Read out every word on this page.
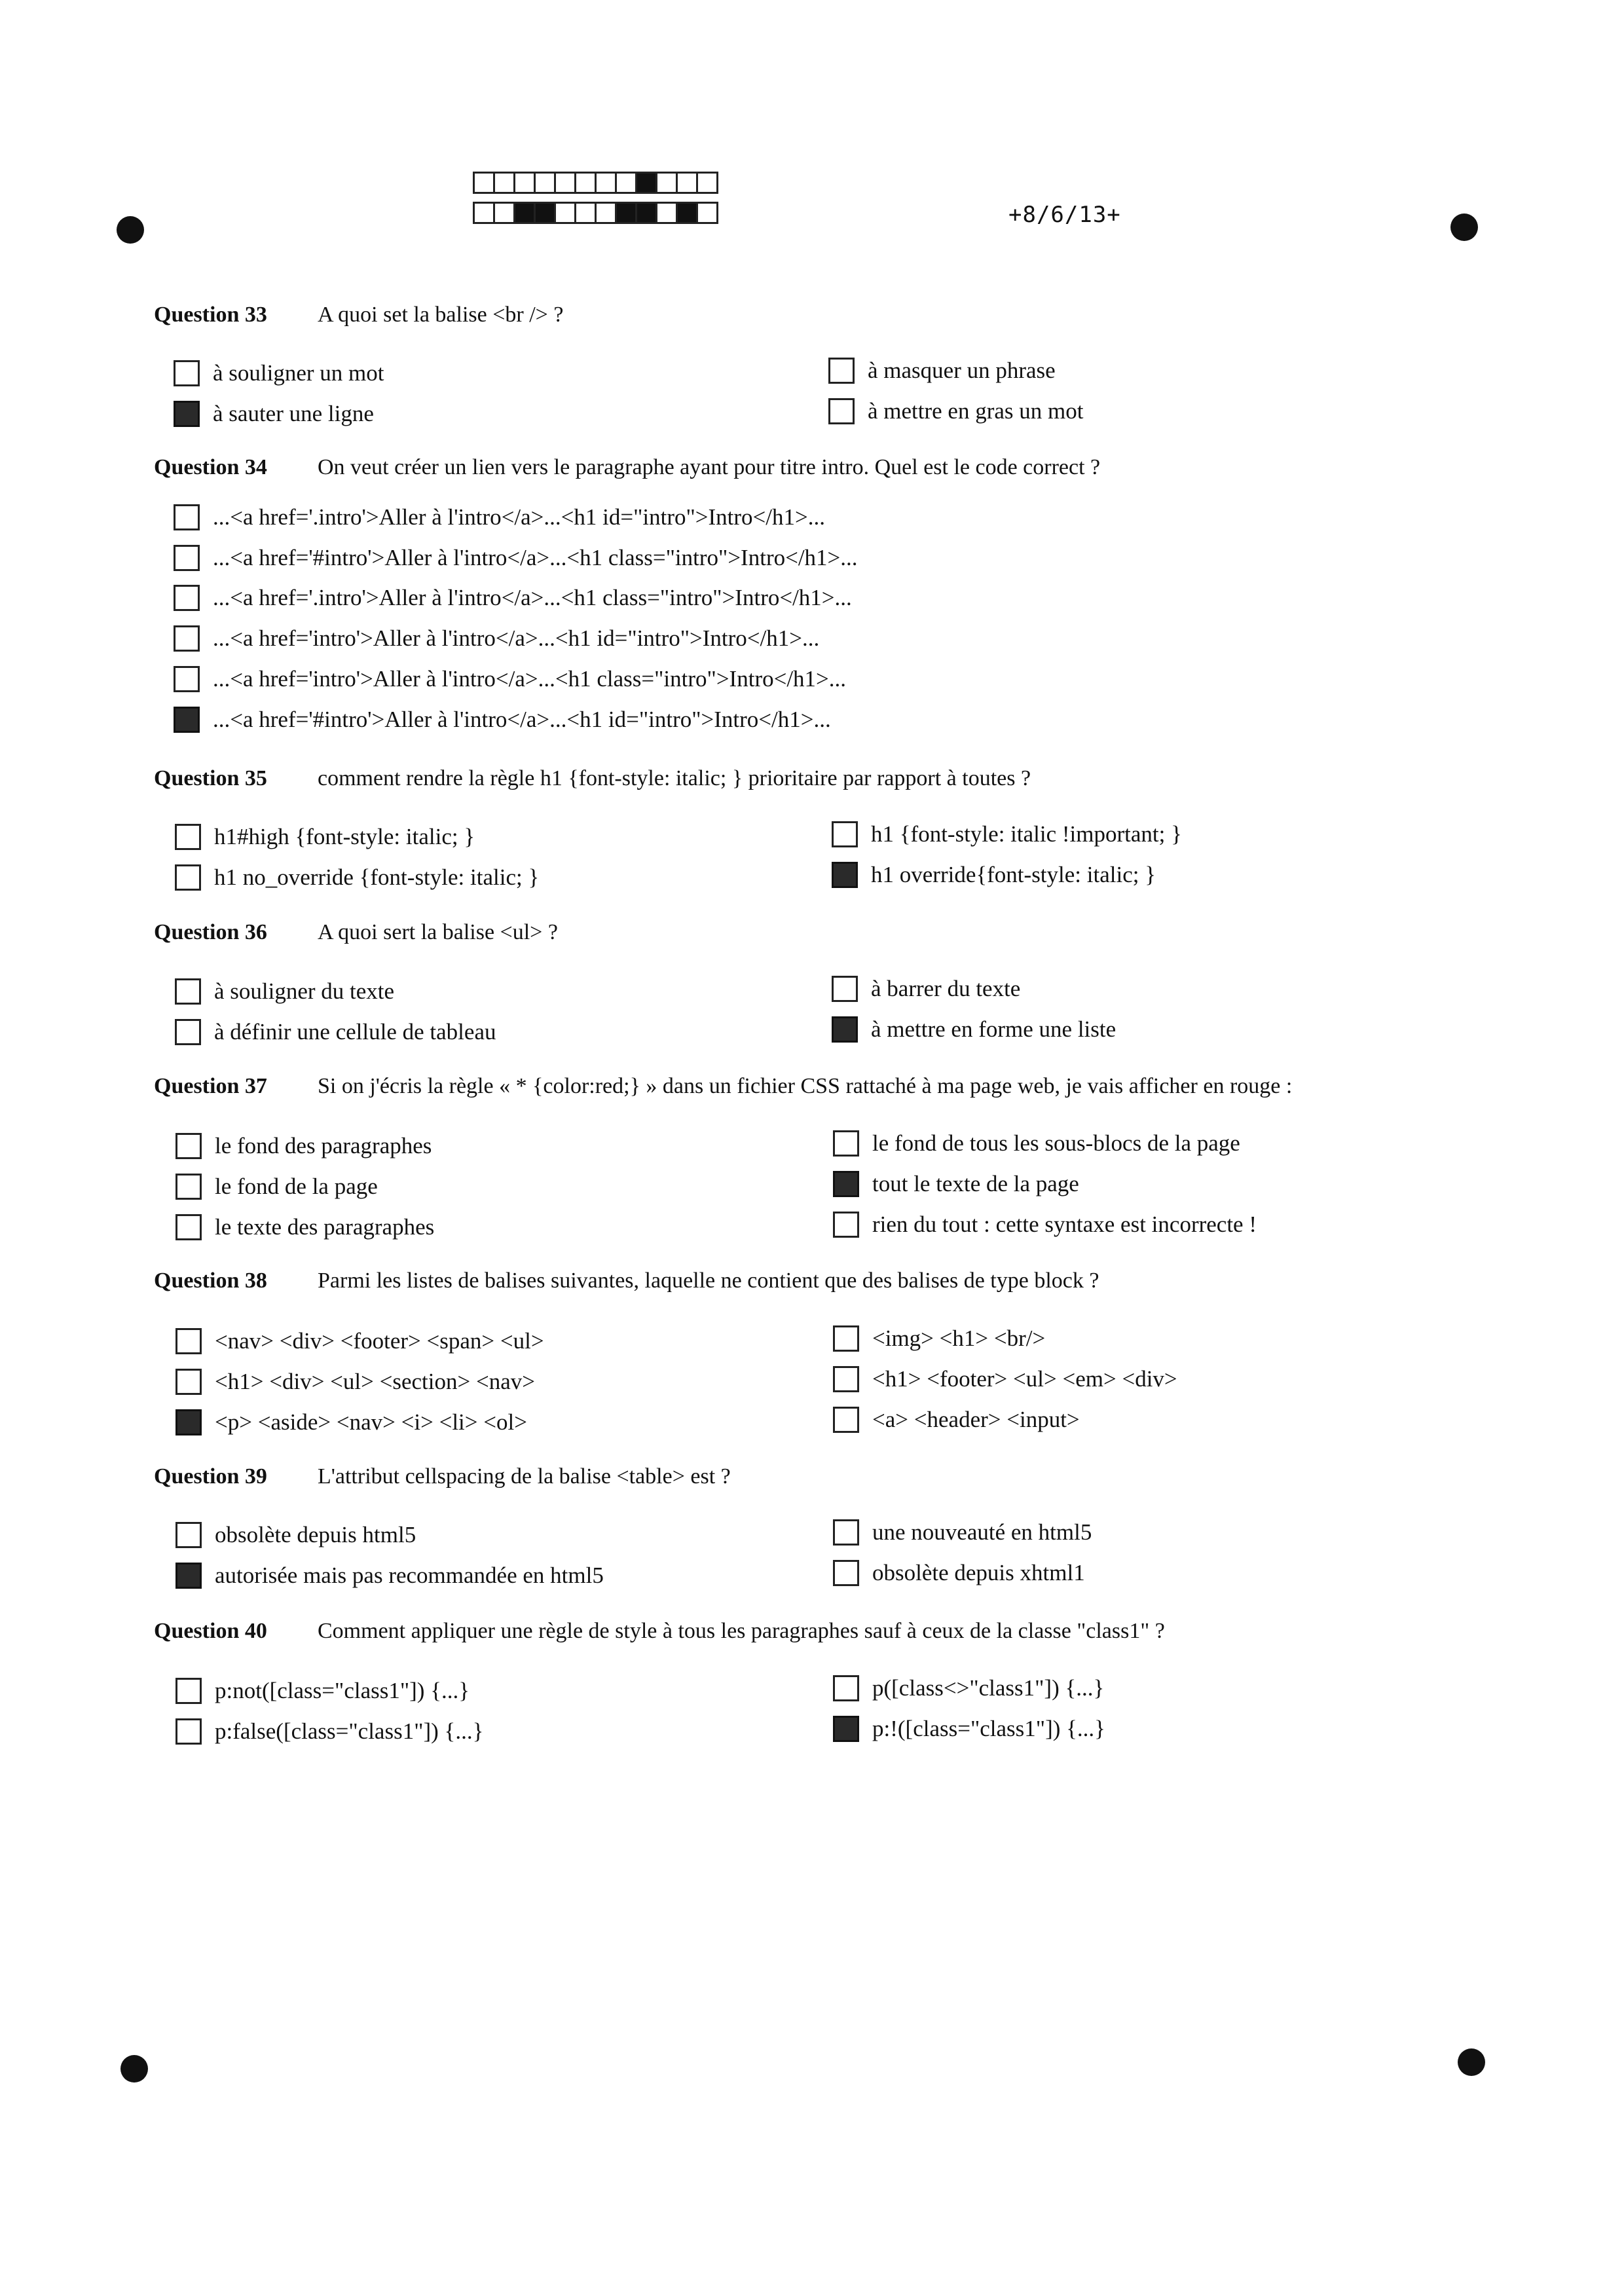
+8/6/13+
Question 33 A quoi set la balise <br /> ?
à souligner un mot
à sauter une ligne
à masquer un phrase
à mettre en gras un mot
Question 34 On veut créer un lien vers le paragraphe ayant pour titre intro. Quel est le code correct ?
...<a href='.intro'>Aller à l'intro</a>...<h1 id="intro">Intro</h1>...
...<a href='#intro'>Aller à l'intro</a>...<h1 class="intro">Intro</h1>...
...<a href='.intro'>Aller à l'intro</a>...<h1 class="intro">Intro</h1>...
...<a href='intro'>Aller à l'intro</a>...<h1 id="intro">Intro</h1>...
...<a href='intro'>Aller à l'intro</a>...<h1 class="intro">Intro</h1>...
...<a href='#intro'>Aller à l'intro</a>...<h1 id="intro">Intro</h1>...
Question 35 comment rendre la règle h1 {font-style: italic; } prioritaire par rapport à toutes ?
h1#high {font-style: italic; }
h1 no_override {font-style: italic; }
h1 {font-style: italic !important; }
h1 override{font-style: italic; }
Question 36 A quoi sert la balise <ul> ?
à souligner du texte
à définir une cellule de tableau
à barrer du texte
à mettre en forme une liste
Question 37 Si on j'écris la règle « * {color:red;} » dans un fichier CSS rattaché à ma page web, je vais afficher en rouge :
le fond des paragraphes
le fond de la page
le texte des paragraphes
le fond de tous les sous-blocs de la page
tout le texte de la page
rien du tout : cette syntaxe est incorrecte !
Question 38 Parmi les listes de balises suivantes, laquelle ne contient que des balises de type block ?
<nav> <div> <footer> <span> <ul>
<h1> <div> <ul> <section> <nav>
<p> <aside> <nav> <i> <li> <ol>
<img> <h1> <br/>
<h1> <footer> <ul> <em> <div>
<a> <header> <input>
Question 39 L'attribut cellspacing de la balise <table> est ?
obsolète depuis html5
autorisée mais pas recommandée en html5
une nouveauté en html5
obsolète depuis xhtml1
Question 40 Comment appliquer une règle de style à tous les paragraphes sauf à ceux de la classe "class1" ?
p:not([class="class1"]) {...}
p:false([class="class1"]) {...}
p([class<>"class1"]) {...}
p:!([class="class1"]) {...}
